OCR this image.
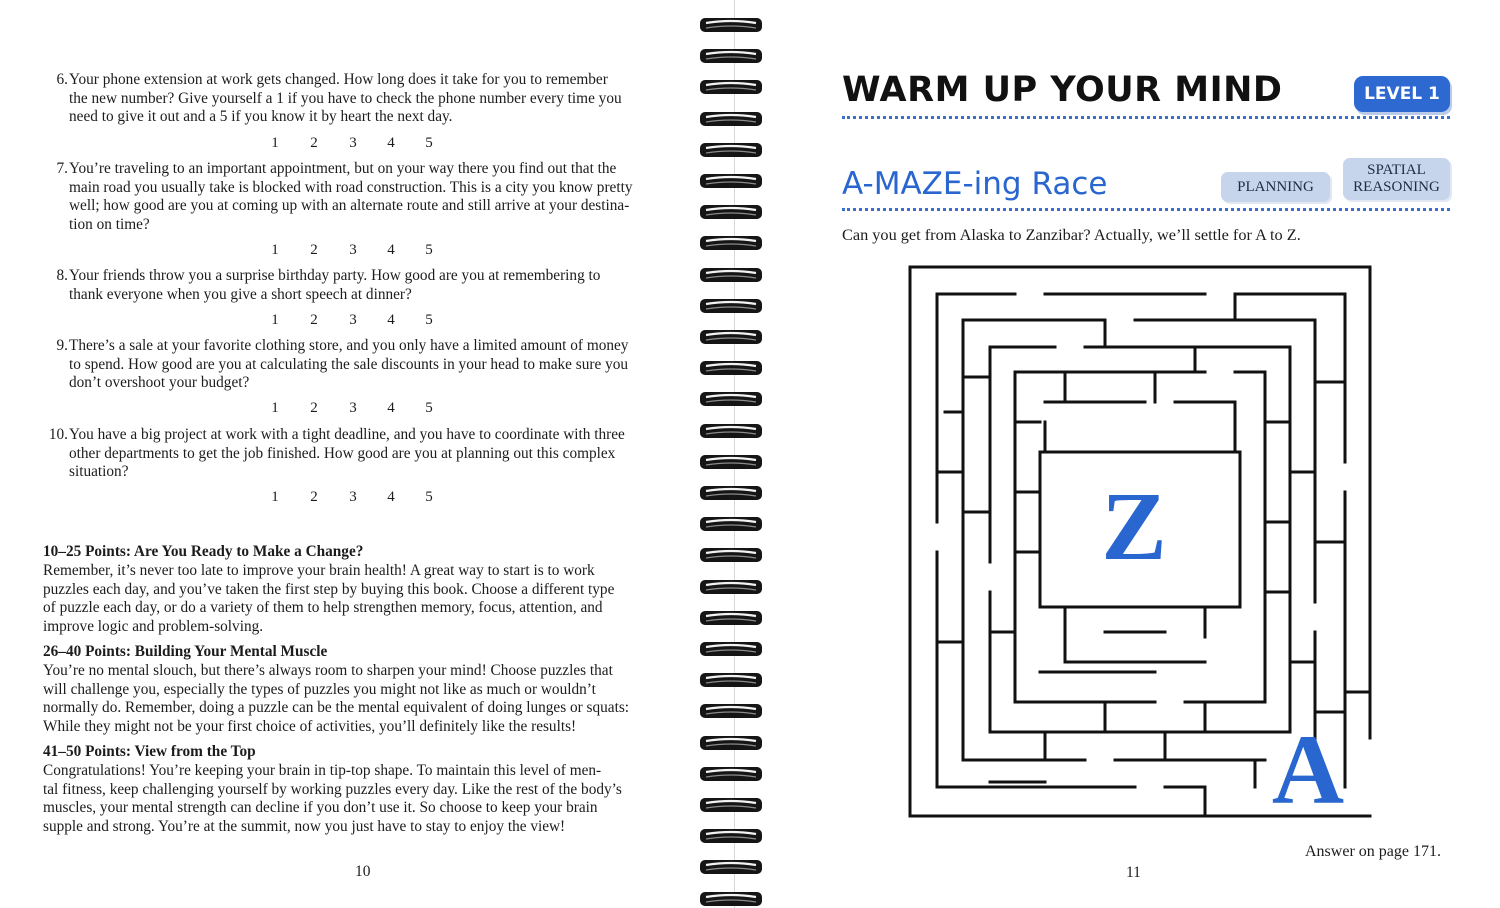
6. Your phone extension at work gets changed. How long does it take for you to remember
the new number? Give yourself a 1 if you have to check the phone number every time you
need to give it out and a 5 if you know it by heart the next day.
1 2 3 4 5
7. You’re traveling to an important appointment, but on your way there you find out that the
main road you usually take is blocked with road construction. This is a city you know pretty
well; how good are you at coming up with an alternate route and still arrive at your destina-
tion on time?
1 2 3 4 5
8. Your friends throw you a surprise birthday party. How good are you at remembering to
thank everyone when you give a short speech at dinner?
1 2 3 4 5
9. There’s a sale at your favorite clothing store, and you only have a limited amount of money
to spend. How good are you at calculating the sale discounts in your head to make sure you
don’t overshoot your budget?
1 2 3 4 5
10. You have a big project at work with a tight deadline, and you have to coordinate with three
other departments to get the job finished. How good are you at planning out this complex
situation?
1 2 3 4 5
10–25 Points: Are You Ready to Make a Change?
Remember, it’s never too late to improve your brain health! A great way to start is to work
puzzles each day, and you’ve taken the first step by buying this book. Choose a different type
of puzzle each day, or do a variety of them to help strengthen memory, focus, attention, and
improve logic and problem-solving.
26–40 Points: Building Your Mental Muscle
You’re no mental slouch, but there’s always room to sharpen your mind! Choose puzzles that
will challenge you, especially the types of puzzles you might not like as much or wouldn’t
normally do. Remember, doing a puzzle can be the mental equivalent of doing lunges or squats:
While they might not be your first choice of activities, you’ll definitely like the results!
41–50 Points: View from the Top
Congratulations! You’re keeping your brain in tip-top shape. To maintain this level of men-
tal fitness, keep challenging yourself by working puzzles every day. Like the rest of the body’s
muscles, your mental strength can decline if you don’t use it. So choose to keep your brain
supple and strong. You’re at the summit, now you just have to stay to enjoy the view!
10
WARM UP YOUR MIND	LEVEL 1
A-MAZE-ing Race	PLANNING
SPATIAL REASONING
Can you get from Alaska to Zanzibar? Actually, we’ll settle for A to Z.
Z
A
Answer on page 171.
11
